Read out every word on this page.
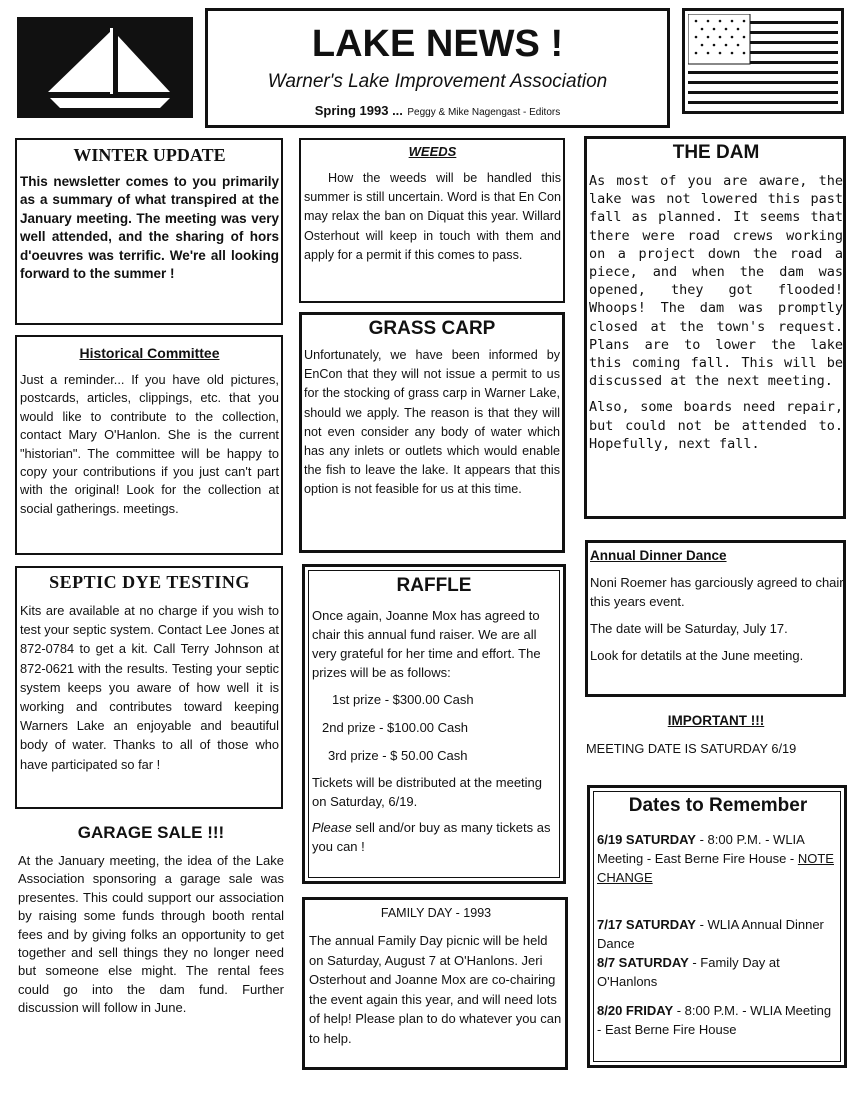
LAKE NEWS !
Warner's Lake Improvement Association
Spring 1993 ... Peggy & Mike Nagengast - Editors

WINTER UPDATE

This newsletter comes to you primarily as a summary of what transpired at the January meeting. The meeting was very well attended, and the sharing of hors d'oeuvres was terrific. We're all looking forward to the summer !

Historical Committee

Just a reminder... If you have old pictures, postcards, articles, clippings, etc. that you would like to contribute to the collection, contact Mary O'Hanlon. She is the current "historian". The committee will be happy to copy your contributions if you just can't part with the original! Look for the collection at social gatherings. meetings.

SEPTIC DYE TESTING

Kits are available at no charge if you wish to test your septic system. Contact Lee Jones at 872-0784 to get a kit. Call Terry Johnson at 872-0621 with the results. Testing your septic system keeps you aware of how well it is working and contributes toward keeping Warners Lake an enjoyable and beautiful body of water. Thanks to all of those who have participated so far !

GARAGE SALE !!!

At the January meeting, the idea of the Lake Association sponsoring a garage sale was presentes. This could support our association by raising some funds through booth rental fees and by giving folks an opportunity to get together and sell things they no longer need but someone else might. The rental fees could go into the dam fund. Further discussion will follow in June.

WEEDS

How the weeds will be handled this summer is still uncertain. Word is that En Con may relax the ban on Diquat this year. Willard Osterhout will keep in touch with them and apply for a permit if this comes to pass.

GRASS CARP

Unfortunately, we have been informed by EnCon that they will not issue a permit to us for the stocking of grass carp in Warner Lake, should we apply. The reason is that they will not even consider any body of water which has any inlets or outlets which would enable the fish to leave the lake. It appears that this option is not feasible for us at this time.

RAFFLE

Once again, Joanne Mox has agreed to chair this annual fund raiser. We are all very grateful for her time and effort. The prizes will be as follows:

1st prize - $300.00 Cash

2nd prize - $100.00 Cash

3rd prize - $ 50.00 Cash

Tickets will be distributed at the meeting on Saturday, 6/19.

Please sell and/or buy as many tickets as you can !

FAMILY DAY - 1993

The annual Family Day picnic will be held on Saturday, August 7 at O'Hanlons. Jeri Osterhout and Joanne Mox are co-chairing the event again this year, and will need lots of help! Please plan to do whatever you can to help.

THE DAM

As most of you are aware, the lake was not lowered this past fall as planned. It seems that there were road crews working on a project down the road a piece, and when the dam was opened, they got flooded! Whoops! The dam was promptly closed at the town's request. Plans are to lower the lake this coming fall. This will be discussed at the next meeting.

Also, some boards need repair, but could not be attended to. Hopefully, next fall.

Annual Dinner Dance

Noni Roemer has garciously agreed to chair this years event.

The date will be Saturday, July 17.

Look for detatils at the June meeting.

IMPORTANT !!!
MEETING DATE IS SATURDAY 6/19

Dates to Remember

6/19 SATURDAY - 8:00 P.M. - WLIA Meeting - East Berne Fire House - NOTE CHANGE

7/17 SATURDAY - WLIA Annual Dinner Dance

8/7 SATURDAY - Family Day at O'Hanlons

8/20 FRIDAY - 8:00 P.M. - WLIA Meeting - East Berne Fire House
